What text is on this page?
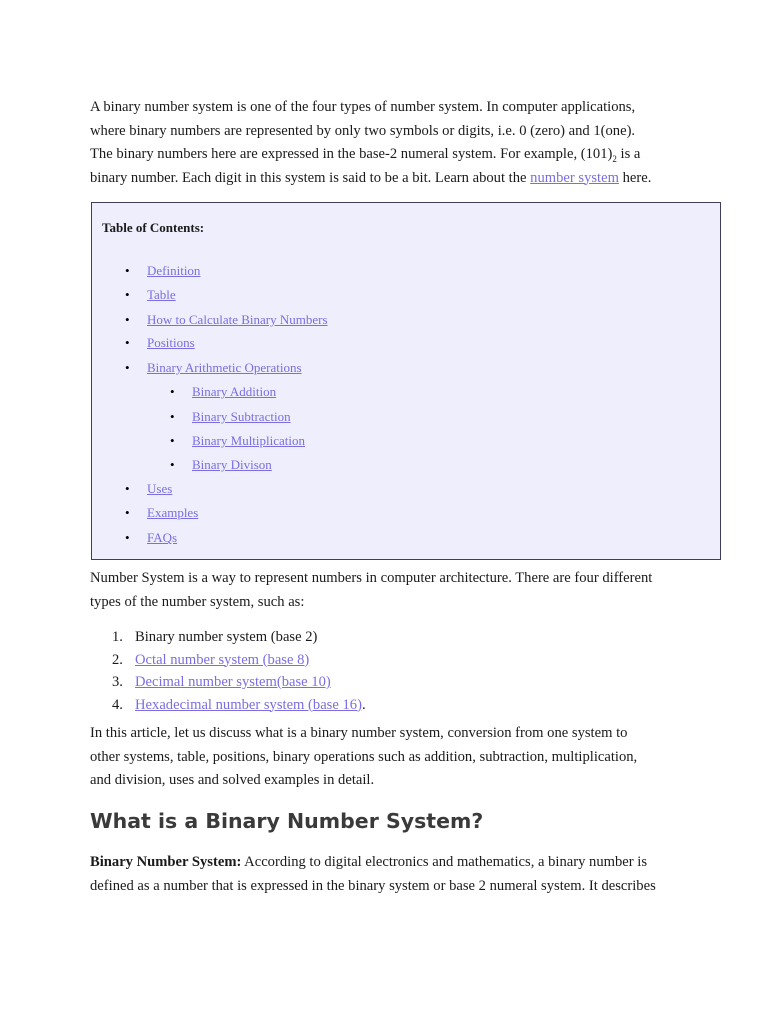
A binary number system is one of the four types of number system. In computer applications,

where binary numbers are represented by only two symbols or digits, i.e. 0 (zero) and 1(one).

The binary numbers here are expressed in the base-2 numeral system. For example, $(101)_2$ is a

binary number. Each digit in this system is said to be a bit. Learn about the number system here.

Table of Contents:
• Definition
• Table
• How to Calculate Binary Numbers
• Positions
• Binary Arithmetic Operations
• Binary Addition
• Binary Subtraction
• Binary Multiplication
• Binary Divison
• Uses
• Examples
• FAQs

Number System is a way to represent numbers in computer architecture. There are four different

types of the number system, such as:

1. Binary number system (base 2)
2. Octal number system (base 8)
3. Decimal number system(base 10)
4. Hexadecimal number system (base 16).

In this article, let us discuss what is a binary number system, conversion from one system to

other systems, table, positions, binary operations such as addition, subtraction, multiplication,

and division, uses and solved examples in detail.

What is a Binary Number System?

Binary Number System: According to digital electronics and mathematics, a binary number is

defined as a number that is expressed in the binary system or base 2 numeral system. It describes
